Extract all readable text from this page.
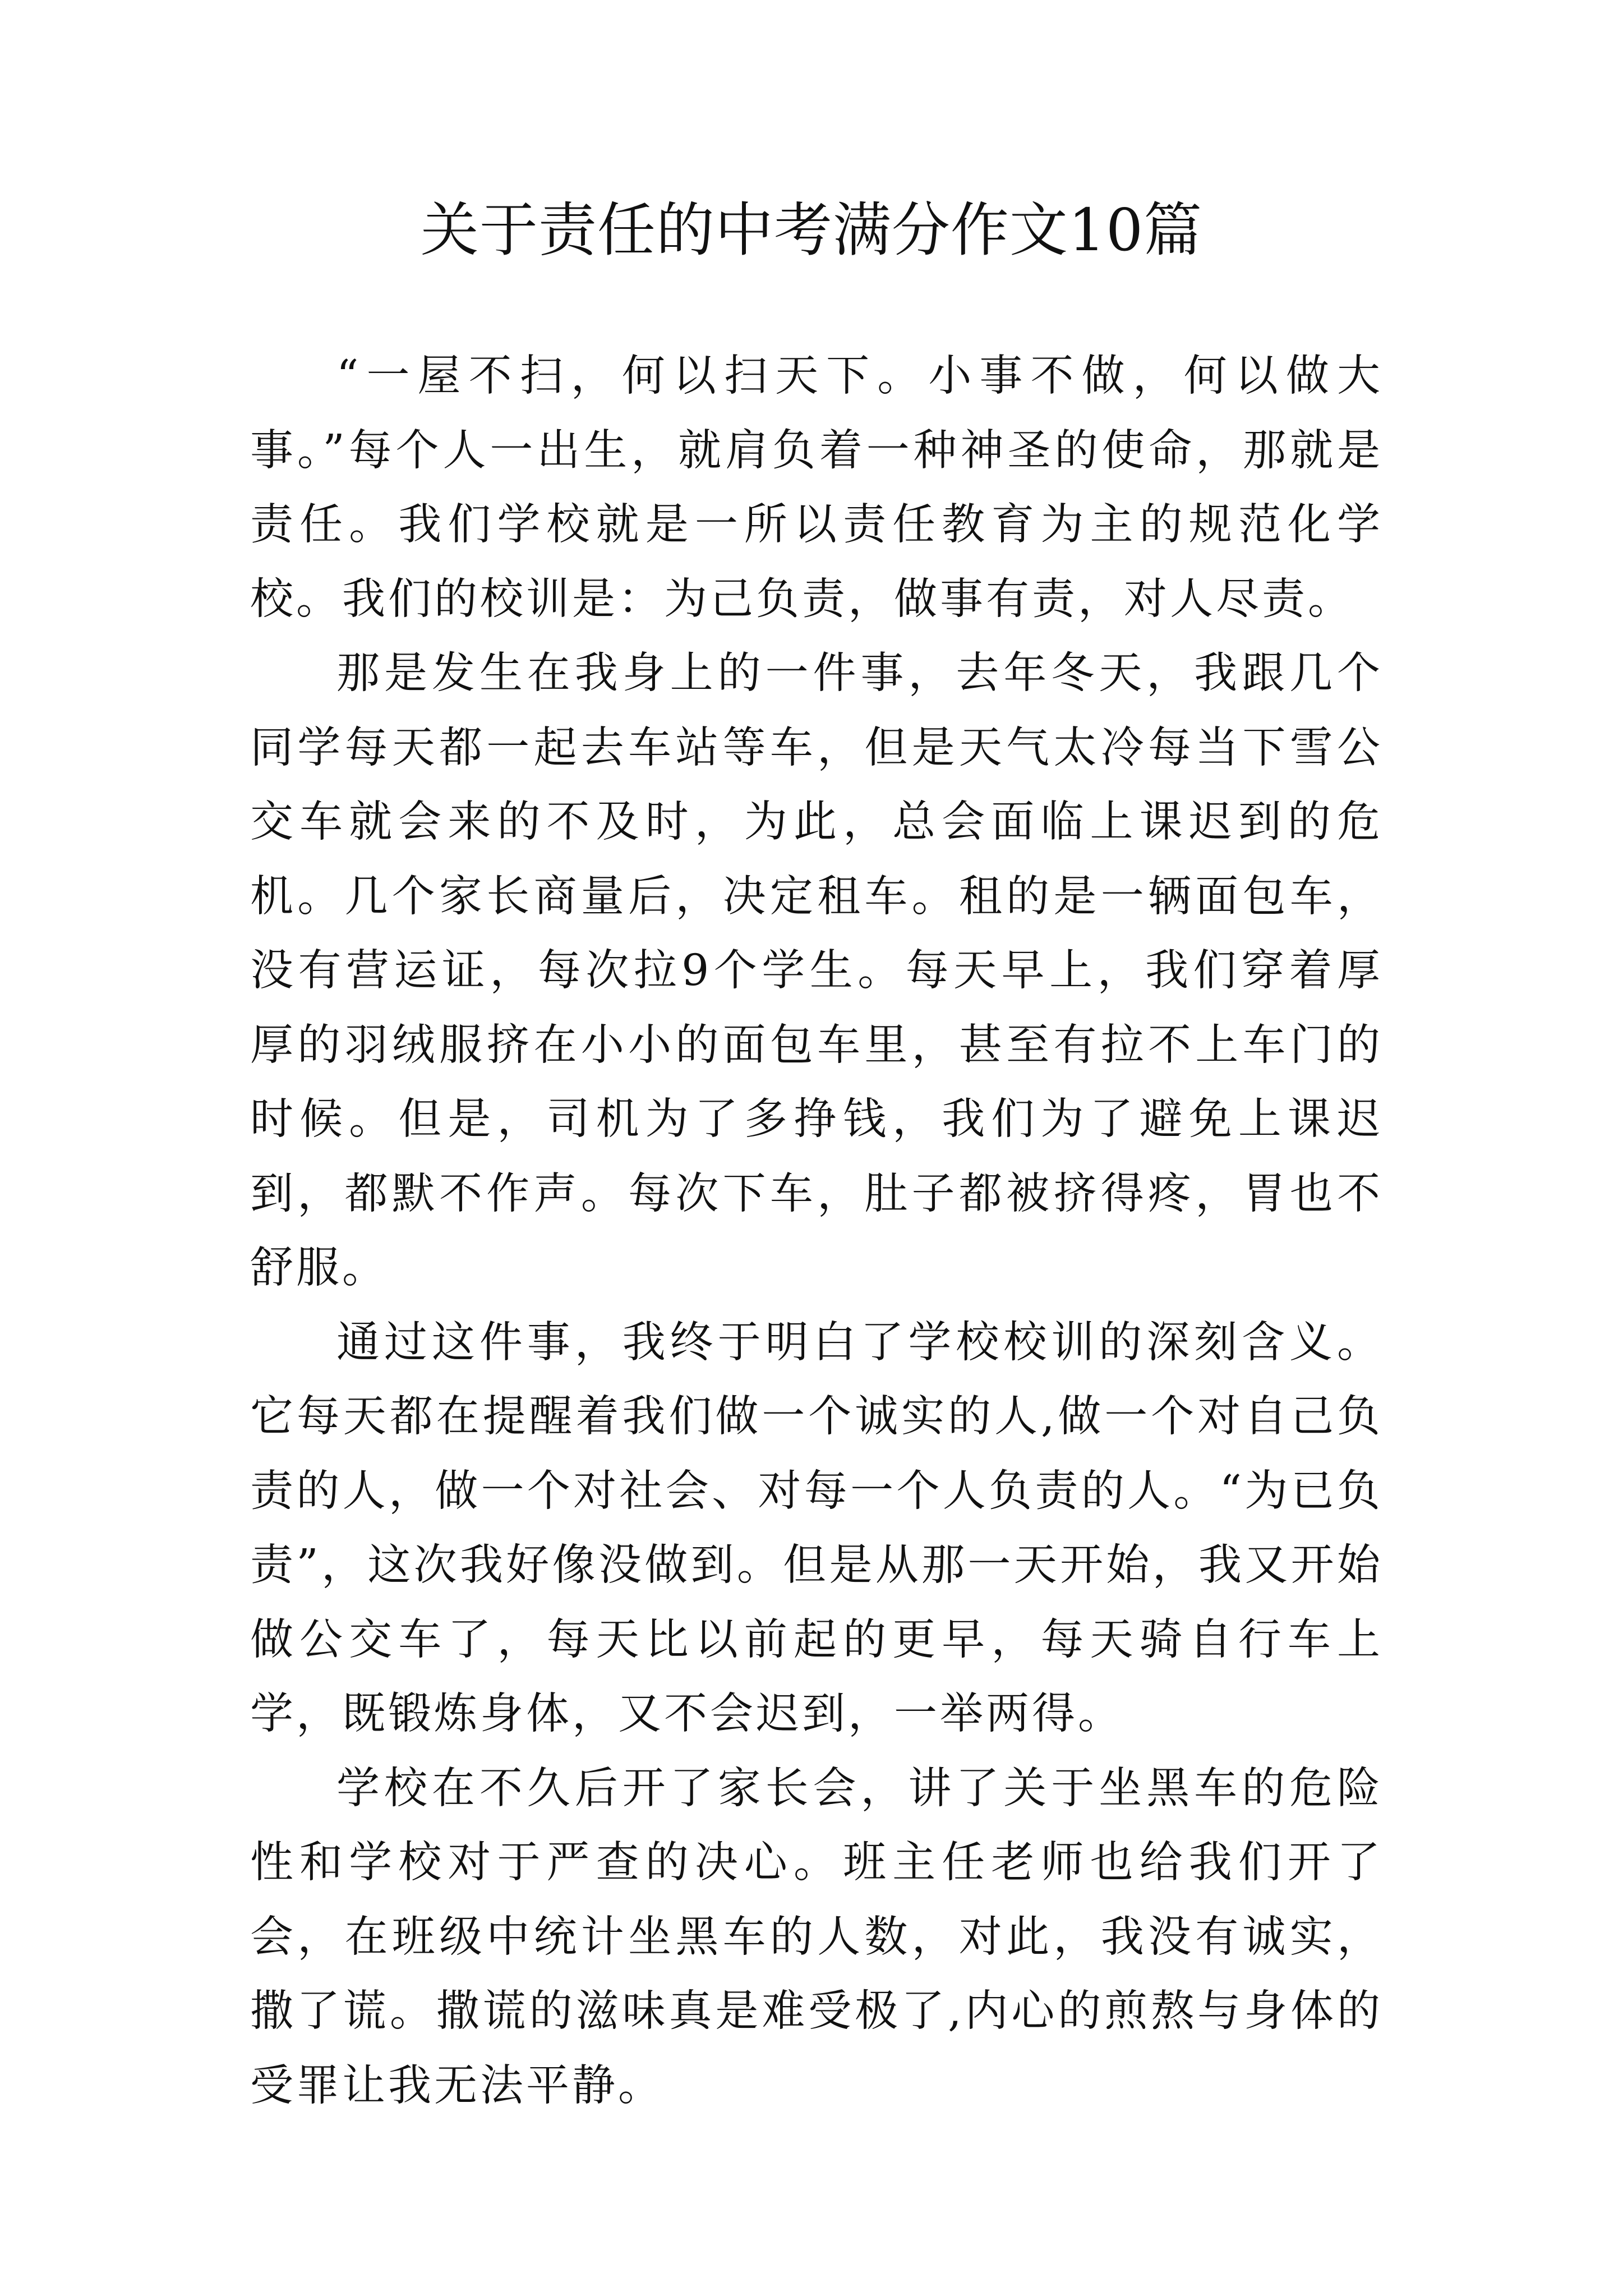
关于责任的中考满分作文10篇

“一屋不扫，何以扫天下。小事不做，何以做大事。”每个人一出生，就肩负着一种神圣的使命，那就是责任。我们学校就是一所以责任教育为主的规范化学校。我们的校训是：为己负责，做事有责，对人尽责。

那是发生在我身上的一件事，去年冬天，我跟几个同学每天都一起去车站等车，但是天气太冷每当下雪公交车就会来的不及时，为此，总会面临上课迟到的危机。几个家长商量后，决定租车。租的是一辆面包车，没有营运证，每次拉9个学生。每天早上，我们穿着厚厚的羽绒服挤在小小的面包车里，甚至有拉不上车门的时候。但是，司机为了多挣钱，我们为了避免上课迟到，都默不作声。每次下车，肚子都被挤得疼，胃也不舒服。

通过这件事，我终于明白了学校校训的深刻含义。它每天都在提醒着我们做一个诚实的人,做一个对自己负责的人，做一个对社会、对每一个人负责的人。“为已负责”，这次我好像没做到。但是从那一天开始，我又开始做公交车了，每天比以前起的更早，每天骑自行车上学，既锻炼身体，又不会迟到，一举两得。

学校在不久后开了家长会，讲了关于坐黑车的危险性和学校对于严查的决心。班主任老师也给我们开了会，在班级中统计坐黑车的人数，对此，我没有诚实，撒了谎。撒谎的滋味真是难受极了,内心的煎熬与身体的受罪让我无法平静。
